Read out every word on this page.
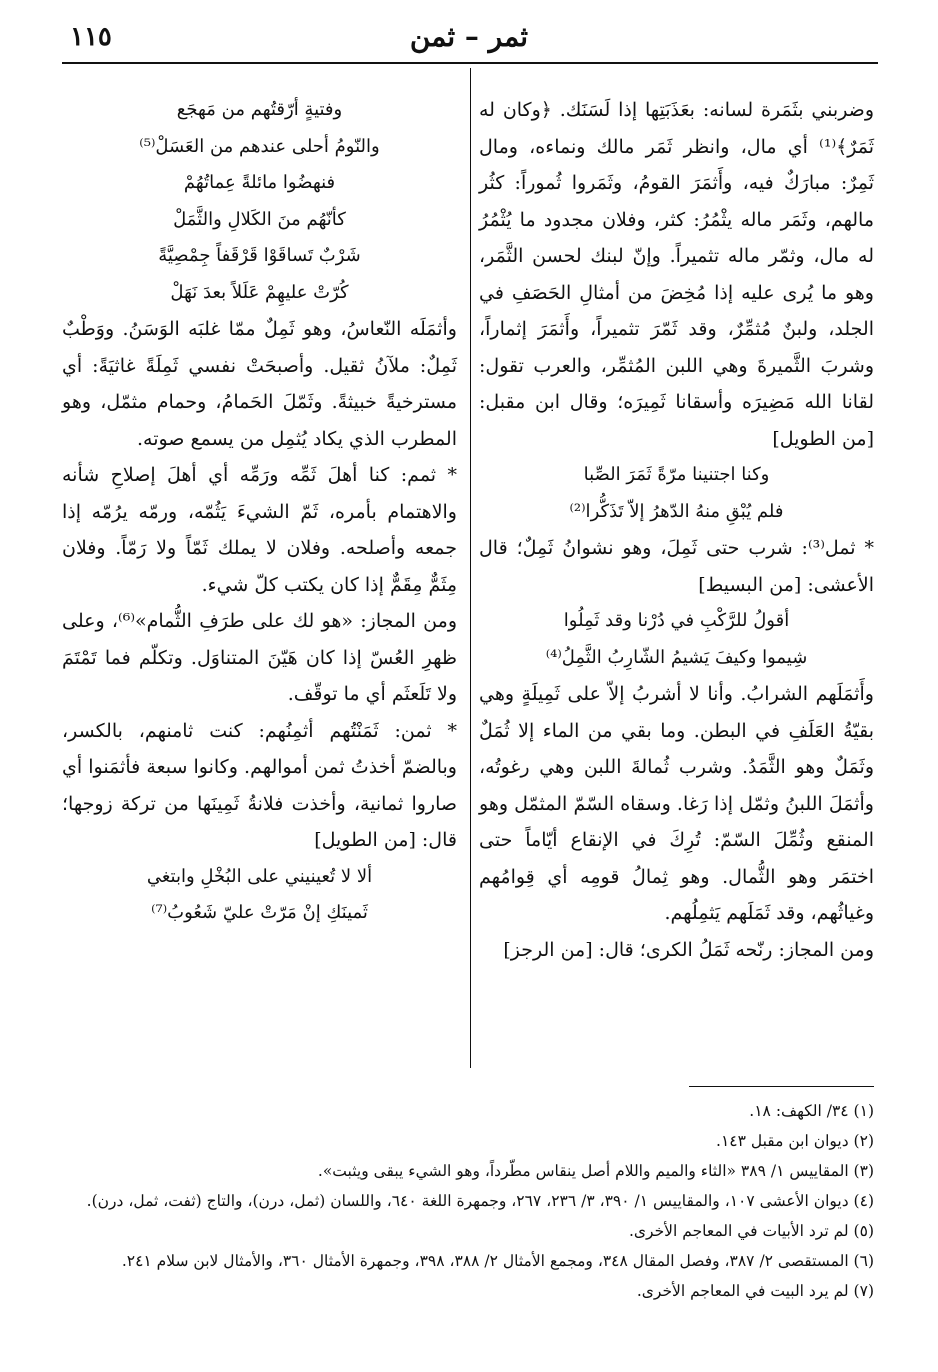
ثمر – ثمن
١١٥

وضربني بثَمَرة لسانه: بعَذَبَتِها إذا لَسَنَك. ﴿وكان له ثَمَرٌ﴾⁽¹⁾ أي مال، وانظر ثَمَر مالك ونماءه، ومال ثَمِرٌ: مبارَكٌ فيه، وأَثمَرَ القومُ، وثَمَروا ثُموراً: كثُر مالهم، وثَمَر ماله يثْمُرُ: كثر، وفلان مجدود ما يُثْمُرُ له مال، وثمّر ماله تثميراً. وإنّ لبنك لحسن الثَّمَر، وهو ما يُرى عليه إذا مُخِضَ من أمثالِ الحَصَفِ في الجلد، ولبنٌ مُثمِّرٌ، وقد ثَمّرَ تثميراً، وأَثمَرَ إثماراً، وشربَ الثَّميرةَ وهي اللبن المُثمِّر، والعرب تقول: لقانا الله مَضِيرَه وأسقانا ثَمِيرَه؛ وقال ابن مقبل: [من الطويل]

وكنا اجتنينا مرّةً ثَمَرَ الصِّبا

فلم يُبْقِ منهُ الدّهرُ إلاّ تَذَكُّرا⁽²⁾

* ثمل⁽³⁾: شرب حتى ثَمِلَ، وهو نشوانُ ثَمِلٌ؛ قال الأعشى: [من البسيط]

أقولُ للرَّكْبِ في دُرْنا وقد ثَمِلُوا

شِيموا وكيفَ يَشيمُ الشّارِبُ الثَّمِلُ⁽⁴⁾

وأَثمَلَهم الشرابُ. وأنا لا أشربُ إلاّ على ثَمِيلَةٍ وهي بقيّةُ العَلَفِ في البطن. وما بقي من الماء إلا ثُمَلٌ وثَمَلٌ وهو الثَّمَدُ. وشرب ثُمالةَ اللبن وهي رغوتُه، وأثمَلَ اللبنُ وثمّل إذا رَغا. وسقاه السّمّ المثمّل وهو المنقع وثُمِّلَ السّمّ: تُرِكَ في الإنقاع أيّاماً حتى اختمَر وهو الثُّمال. وهو ثِمالُ قومِه أي قِوامُهم وغياثُهم، وقد ثَمَلَهم يَثمِلُهم.

ومن المجاز: رنّحه ثَمَلُ الكرى؛ قال: [من الرجز]

وفتيةٍ أرّقتُهم من مَهجَع

والنّومُ أحلى عندهم من العَسَلْ⁽⁵⁾

فنهضُوا مائلةً عِماتُهُمْ

كأنّهُم منَ الكَلالِ والثَّمَلْ

شَرْبٌ تَساقَوْا قَرْقَفاً جِمْصِيَّةً

كُرّتْ عليهِمْ عَلَلاً بعدَ نَهَلْ

وأثمَلَه النّعاسُ، وهو ثَمِلٌ ممّا غلبَه الوَسَنُ. ووَطْبٌ ثَمِلٌ: ملآنُ ثقيل. وأصبحَتْ نفسي ثَمِلَةً غاثيَةً: أي مسترخيةً خبيثةً. وثَمّلَ الحَمامُ، وحمام مثمّل، وهو المطرب الذي يكاد يُثمِل من يسمع صوته.

* ثمم: كنا أهلَ ثَمِّه ورَمِّه أي أهلَ إصلاحِ شأنه والاهتمام بأمره، ثَمّ الشيءَ يَثُمّه، ورمّه يرُمّه إذا جمعه وأصلحه. وفلان لا يملك ثَمّاً ولا رَمّاً. وفلان مِثَمٌّ مِقَمٌّ إذا كان يكتب كلّ شيء.

ومن المجاز: «هو لك على طرَفِ الثُّمام»⁽⁶⁾، وعلى ظهرِ العُسّ إذا كان هَيّنَ المتناوَل. وتكلّم فما تَمْتَمَ ولا تَلَعثَم أي ما توقّف.

* ثمن: ثَمَنْتُهم أثمِنُهم: كنت ثامنهم، بالكسر، وبالضمّ أخذتُ ثمن أموالهم. وكانوا سبعة فأثمَنوا أي صاروا ثمانية، وأخذت فلانةُ ثَمِينَها من تركة زوجها؛ قال: [من الطويل]

ألا لا تُعينيني على البُخْلِ وابتغي

ثَمينَكِ إنْ مَرّتْ عليّ شَعُوبُ⁽⁷⁾

(١) ٣٤/ الكهف: ١٨.

(٢) ديوان ابن مقبل ١٤٣.

(٣) المقاييس ١/ ٣٨٩ «الثاء والميم واللام أصل ينقاس مطّرداً، وهو الشيء يبقى ويثبت».

(٤) ديوان الأعشى ١٠٧، والمقاييس ١/ ٣٩٠، ٣/ ٢٣٦، ٢٦٧، وجمهرة اللغة ٦٤٠، واللسان (ثمل، درن)، والتاج (ثفت، ثمل، درن).

(٥) لم ترد الأبيات في المعاجم الأخرى.

(٦) المستقصى ٢/ ٣٨٧، وفصل المقال ٣٤٨، ومجمع الأمثال ٢/ ٣٨٨، ٣٩٨، وجمهرة الأمثال ٣٦٠، والأمثال لابن سلام ٢٤١.

(٧) لم يرد البيت في المعاجم الأخرى.
